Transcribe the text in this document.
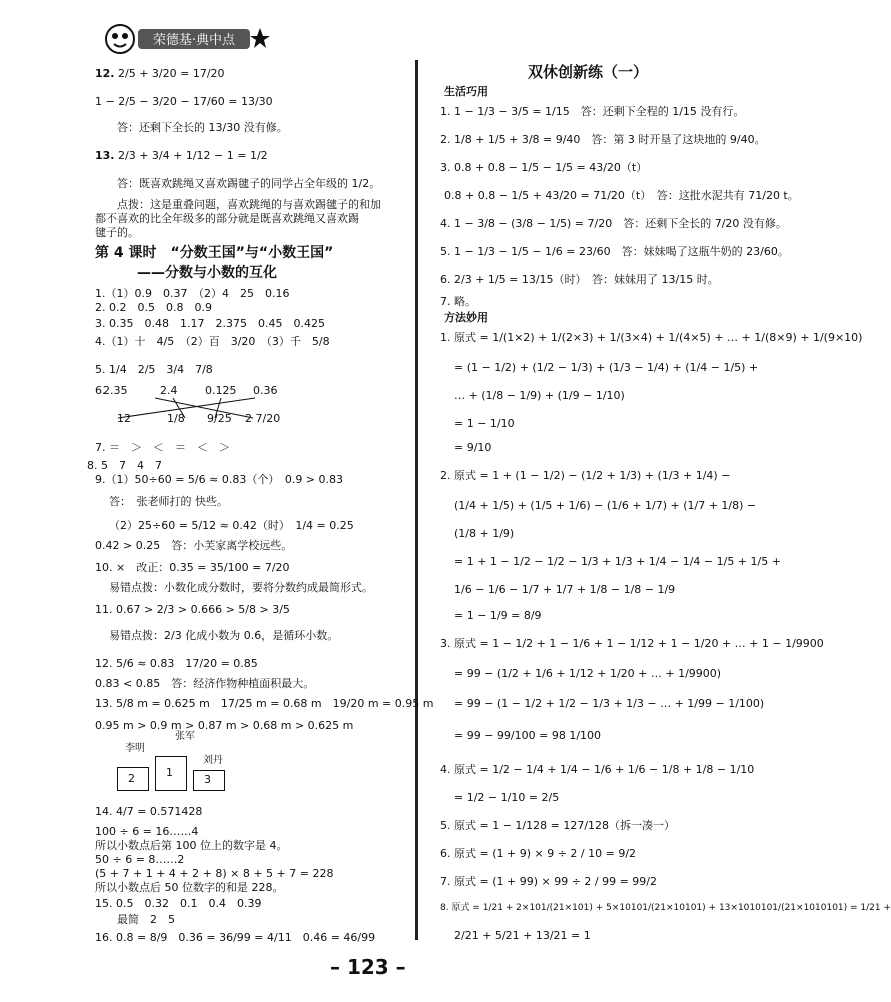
荣德基·典中点
12. 2/5 + 3/20 = 17/20
1 − 2/5 − 3/20 − 17/60 = 13/30
答：还剩下全长的 13/30 没有修。
13. 2/3 + 3/4 + 1/12 − 1 = 1/2
答：既喜欢跳绳又喜欢踢毽子的同学占全年级的 1/2。
点拨：这是重叠问题，喜欢跳绳的与喜欢踢毽子的和加
都不喜欢的比全年级多的部分就是既喜欢跳绳又喜欢踢
毽子的。
第 4 课时　“分数王国”与“小数王国”
——分数与小数的互化
1.（1）0.9　0.37　（2）4　25　0.16
2. 0.2　0.5　0.8　0.9
3. 0.35　0.48　1.17　2.375　0.45　0.425
4.（1）十　4/5　（2）百　3/20　（3）千　5/8
5. 1/4　2/5　3/4　7/8
6.
2.35	2.4	0.125 0.36
12	1/8 9/25 2 7/20
7. ＝　＞　＜　＝　＜　＞
8. 5　7　4　7
9.（1）50÷60 = 5/6 ≈ 0.83（个）　0.9 > 0.83
答：　张老师打的 快些。
（2）25÷60 = 5/12 ≈ 0.42（时）　1/4 = 0.25
0.42 > 0.25　答：小芙家离学校远些。
10. ×　改正：0.35 = 35/100 = 7/20
易错点拨：小数化成分数时，要将分数约成最简形式。
11. 0.67 > 2/3 > 0.666 > 5/8 > 3/5
易错点拨：2/3 化成小数为 0.6̇，是循环小数。
12. 5/6 ≈ 0.83　17/20 = 0.85
0.83 < 0.85　答：经济作物种植面积最大。
13. 5/8 m = 0.625 m　17/25 m = 0.68 m　19/20 m = 0.95 m
0.95 m > 0.9 m > 0.87 m > 0.68 m > 0.625 m
李明
张军
刘丹
2	1
3
14. 4/7 = 0.571428
100 ÷ 6 = 16……4
所以小数点后第 100 位上的数字是 4。
50 ÷ 6 = 8……2
(5 + 7 + 1 + 4 + 2 + 8) × 8 + 5 + 7 = 228
所以小数点后 50 位数字的和是 228。
15. 0.5　0.32　0.1̇　0.4̇　0.3̇9̇
最简　2　5
16. 0.8̇ = 8/9　0.3̇6̇ = 36/99 = 4/11　0.4̇6̇ = 46/99
双休创新练（一）
生活巧用
1. 1 − 1/3 − 3/5 = 1/15　答：还剩下全程的 1/15 没有行。
2. 1/8 + 1/5 + 3/8 = 9/40　答：第 3 时开垦了这块地的 9/40。
3. 0.8 + 0.8 − 1/5 − 1/5 = 43/20（t）
0.8 + 0.8 − 1/5 + 43/20 = 71/20（t）　答：这批水泥共有 71/20 t。
4. 1 − 3/8 − (3/8 − 1/5) = 7/20　答：还剩下全长的 7/20 没有修。
5. 1 − 1/3 − 1/5 − 1/6 = 23/60　答：妹妹喝了这瓶牛奶的 23/60。
6. 2/3 + 1/5 = 13/15（时）　答：妹妹用了 13/15 时。
7. 略。
方法妙用
1. 原式 = 1/(1×2) + 1/(2×3) + 1/(3×4) + 1/(4×5) + … + 1/(8×9) + 1/(9×10)
= (1 − 1/2) + (1/2 − 1/3) + (1/3 − 1/4) + (1/4 − 1/5) +
… + (1/8 − 1/9) + (1/9 − 1/10)
= 1 − 1/10
= 9/10
2. 原式 = 1 + (1 − 1/2) − (1/2 + 1/3) + (1/3 + 1/4) −
(1/4 + 1/5) + (1/5 + 1/6) − (1/6 + 1/7) + (1/7 + 1/8) −
(1/8 + 1/9)
= 1 + 1 − 1/2 − 1/2 − 1/3 + 1/3 + 1/4 − 1/4 − 1/5 + 1/5 +
1/6 − 1/6 − 1/7 + 1/7 + 1/8 − 1/8 − 1/9
= 1 − 1/9 = 8/9
3. 原式 = 1 − 1/2 + 1 − 1/6 + 1 − 1/12 + 1 − 1/20 + … + 1 − 1/9900
= 99 − (1/2 + 1/6 + 1/12 + 1/20 + … + 1/9900)
= 99 − (1 − 1/2 + 1/2 − 1/3 + 1/3 − … + 1/99 − 1/100)
= 99 − 99/100 = 98 1/100
4. 原式 = 1/2 − 1/4 + 1/4 − 1/6 + 1/6 − 1/8 + 1/8 − 1/10
= 1/2 − 1/10 = 2/5
5. 原式 = 1 − 1/128 = 127/128（拆一凑一）
6. 原式 = (1 + 9) × 9 ÷ 2 / 10 = 9/2
7. 原式 = (1 + 99) × 99 ÷ 2 / 99 = 99/2
8. 原式 = 1/21 + 2×101/(21×101) + 5×10101/(21×10101) + 13×1010101/(21×1010101) = 1/21 +
2/21 + 5/21 + 13/21 = 1
– 123 –
